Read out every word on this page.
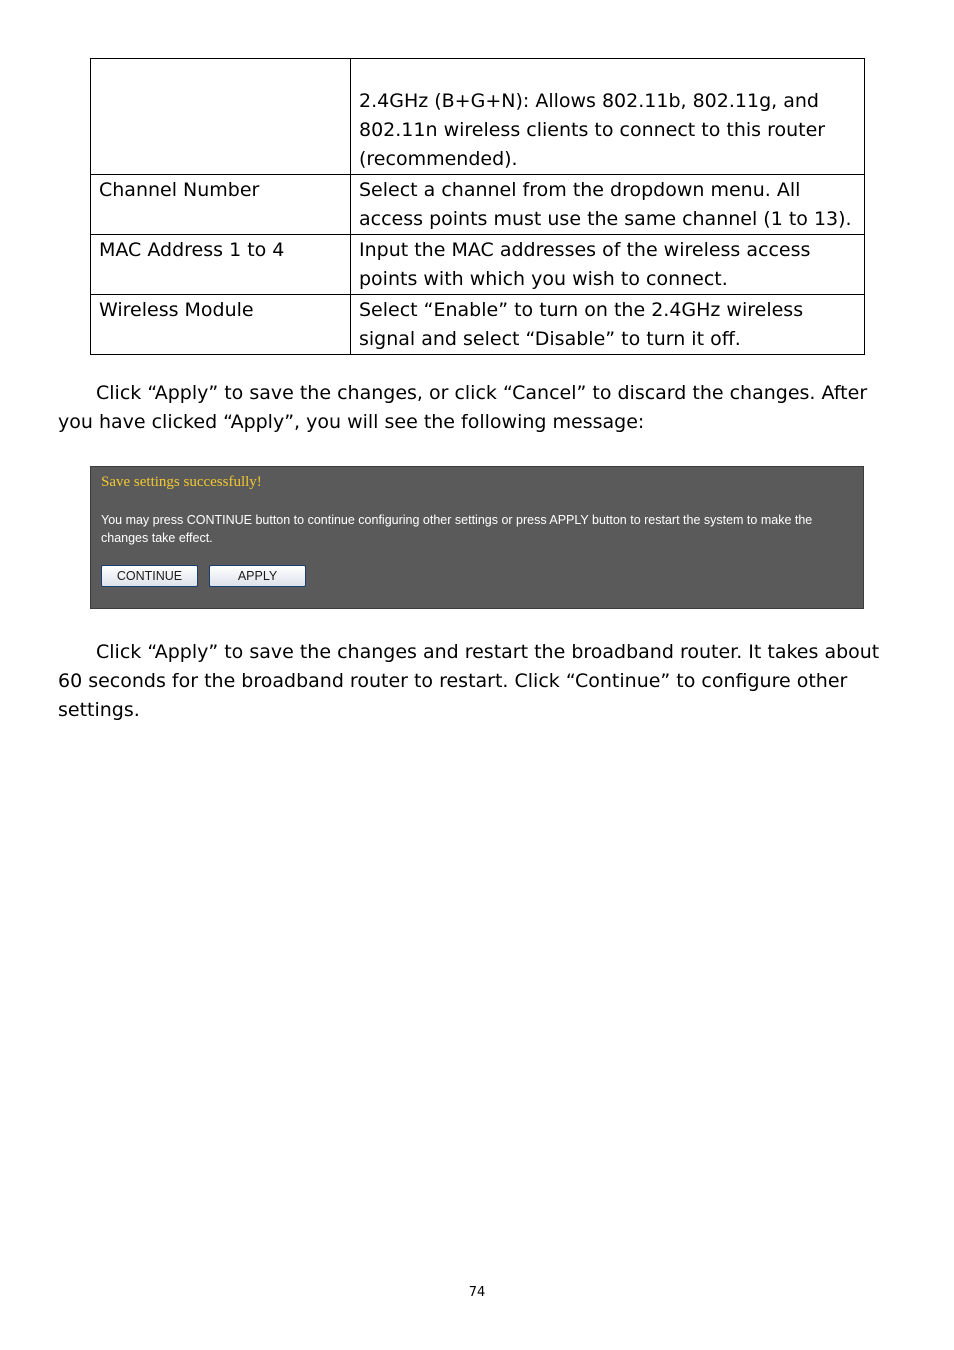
	2.4GHz (B+G+N): Allows 802.11b, 802.11g, and 802.11n wireless clients to connect to this router (recommended).
Channel Number	Select a channel from the dropdown menu. All access points must use the same channel (1 to 13).
MAC Address 1 to 4	Input the MAC addresses of the wireless access points with which you wish to connect.
Wireless Module	Select “Enable” to turn on the 2.4GHz wireless signal and select “Disable” to turn it off.

Click “Apply” to save the changes, or click “Cancel” to discard the changes. After you have clicked “Apply”, you will see the following message:

Save settings successfully!
You may press CONTINUE button to continue configuring other settings or press APPLY button to restart the system to make the changes take effect.
CONTINUE	APPLY

Click “Apply” to save the changes and restart the broadband router. It takes about 60 seconds for the broadband router to restart. Click “Continue” to configure other settings.

74
